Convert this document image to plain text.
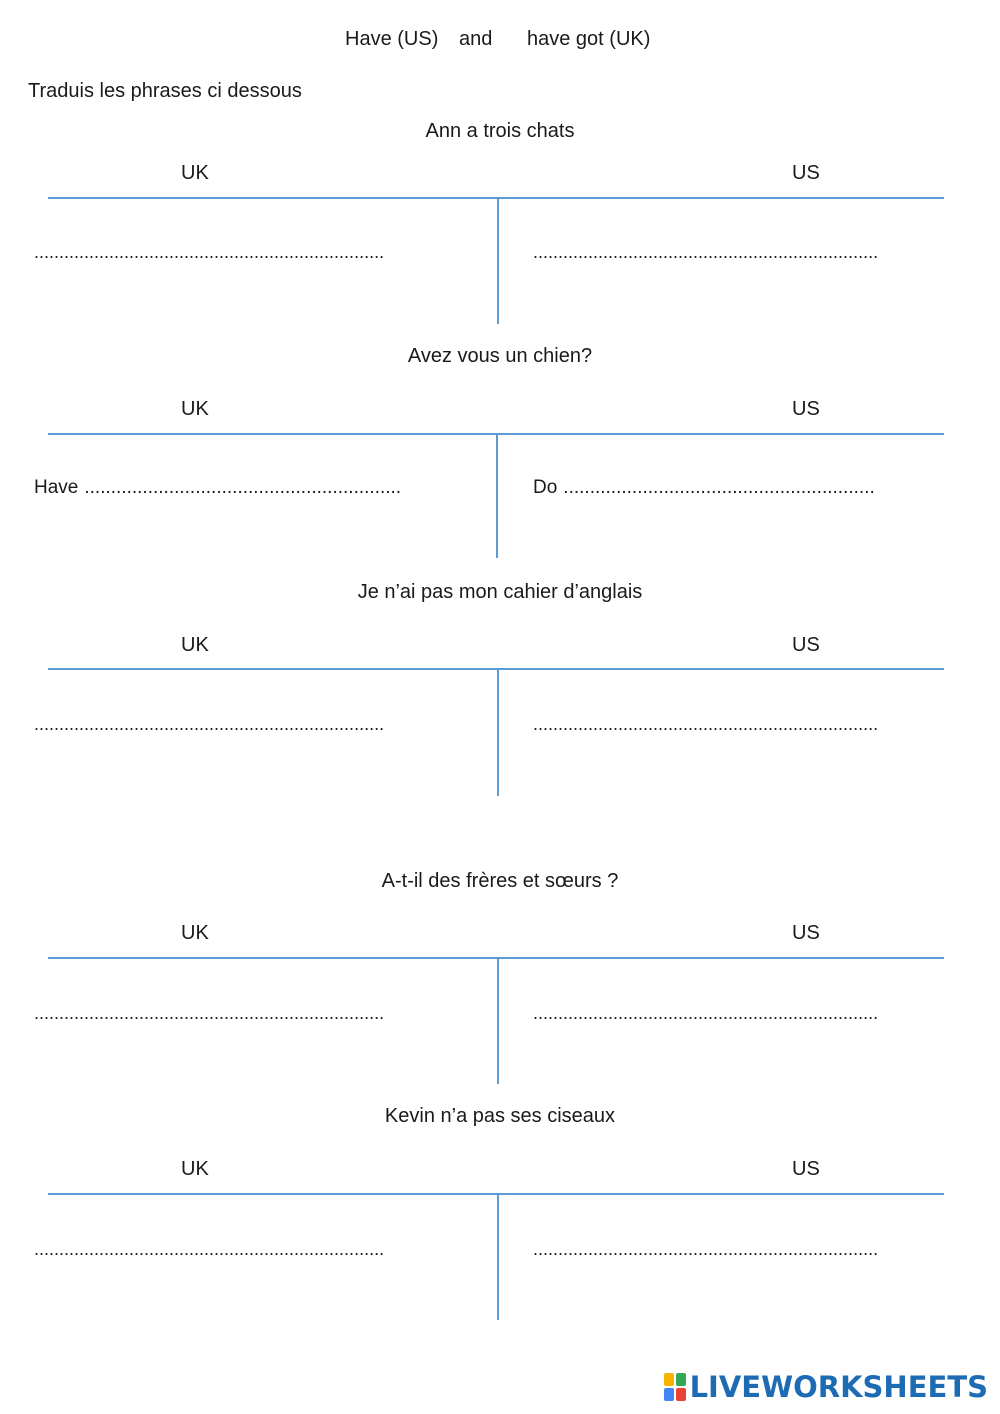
Have (US) and have got (UK)
Traduis les phrases ci dessous
Ann a trois chats
UK	US
......................................................................	.....................................................................
Avez vous un chien?
UK	US
Have ............................................................	Do ...........................................................
Je n’ai pas mon cahier d’anglais
UK	US
......................................................................	.....................................................................
A-t-il des frères et sœurs ?
UK	US
......................................................................	.....................................................................
Kevin n’a pas ses ciseaux
UK	US
......................................................................	.....................................................................
LIVEWORKSHEETS
